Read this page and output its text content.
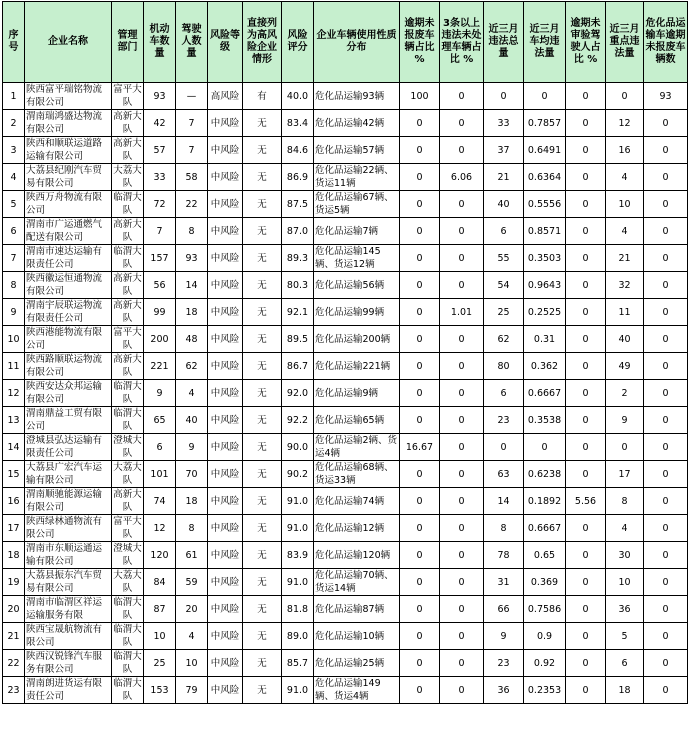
序号	企业名称	管理部门	机动车数量	驾驶人数量	风险等级	直接列为高风险企业情形	风险评分	企业车辆使用性质分布	逾期未报废车辆占比 %	3条以上违法未处理车辆占比 %	近三月违法总量	近三月车均违法量	逾期未审验驾驶人占比 %	近三月重点违法量	危化品运输车逾期未报废车辆数
1	陕西富平瑞铭物流有限公司	富平大队	93	—	高风险	有	40.0	危化品运输93辆	100	0	0	0	0	0	93
2	渭南瑞鸿盛达物流有限公司	高新大队	42	7	中风险	无	83.4	危化品运输42辆	0	0	33	0.7857	0	12	0
3	陕西和顺联运道路运输有限公司	高新大队	57	7	中风险	无	84.6	危化品运输57辆	0	0	37	0.6491	0	16	0
4	大荔县纪刚汽车贸易有限公司	大荔大队	33	58	中风险	无	86.9	危化品运输22辆、货运11辆	0	6.06	21	0.6364	0	4	0
5	陕西万舟物流有限公司	临渭大队	72	22	中风险	无	87.5	危化品运输67辆、货运5辆	0	0	40	0.5556	0	10	0
6	渭南市广运通燃气配送有限公司	高新大队	7	8	中风险	无	87.0	危化品运输7辆	0	0	6	0.8571	0	4	0
7	渭南市速达运输有限责任公司	临渭大队	157	93	中风险	无	89.3	危化品运输145辆、货运12辆	0	0	55	0.3503	0	21	0
8	陕西徽运恒通物流有限公司	高新大队	56	14	中风险	无	80.3	危化品运输56辆	0	0	54	0.9643	0	32	0
9	渭南宇辰联运物流有限责任公司	高新大队	99	18	中风险	无	92.1	危化品运输99辆	0	1.01	25	0.2525	0	11	0
10	陕西港能物流有限公司	富平大队	200	48	中风险	无	89.5	危化品运输200辆	0	0	62	0.31	0	40	0
11	陕西路顺联运物流有限公司	高新大队	221	62	中风险	无	86.7	危化品运输221辆	0	0	80	0.362	0	49	0
12	陕西安达众邦运输有限公司	临渭大队	9	4	中风险	无	92.0	危化品运输9辆	0	0	6	0.6667	0	2	0
13	渭南鼎益工贸有限公司	临渭大队	65	40	中风险	无	92.2	危化品运输65辆	0	0	23	0.3538	0	9	0
14	澄城县弘达运输有限责任公司	澄城大队	6	9	中风险	无	90.0	危化品运输2辆、货运4辆	16.67	0	0	0	0	0	0
15	大荔县广宏汽车运输有限公司	大荔大队	101	70	中风险	无	90.2	危化品运输68辆、货运33辆	0	0	63	0.6238	0	17	0
16	渭南顺驰能源运输有限公司	高新大队	74	18	中风险	无	91.0	危化品运输74辆	0	0	14	0.1892	5.56	8	0
17	陕西绿林通物流有限公司	富平大队	12	8	中风险	无	91.0	危化品运输12辆	0	0	8	0.6667	0	4	0
18	渭南市东顺运通运输有限公司	澄城大队	120	61	中风险	无	83.9	危化品运输120辆	0	0	78	0.65	0	30	0
19	大荔县振东汽车贸易有限公司	大荔大队	84	59	中风险	无	91.0	危化品运输70辆、货运14辆	0	0	31	0.369	0	10	0
20	渭南市临渭区祥运运输服务有限	临渭大队	87	20	中风险	无	81.8	危化品运输87辆	0	0	66	0.7586	0	36	0
21	陕西宝晟航物流有限公司	临渭大队	10	4	中风险	无	89.0	危化品运输10辆	0	0	9	0.9	0	5	0
22	陕西汉锐锋汽车服务有限公司	临渭大队	25	10	中风险	无	85.7	危化品运输25辆	0	0	23	0.92	0	6	0
23	渭南朗进货运有限责任公司	临渭大队	153	79	中风险	无	91.0	危化品运输149辆、货运4辆	0	0	36	0.2353	0	18	0
